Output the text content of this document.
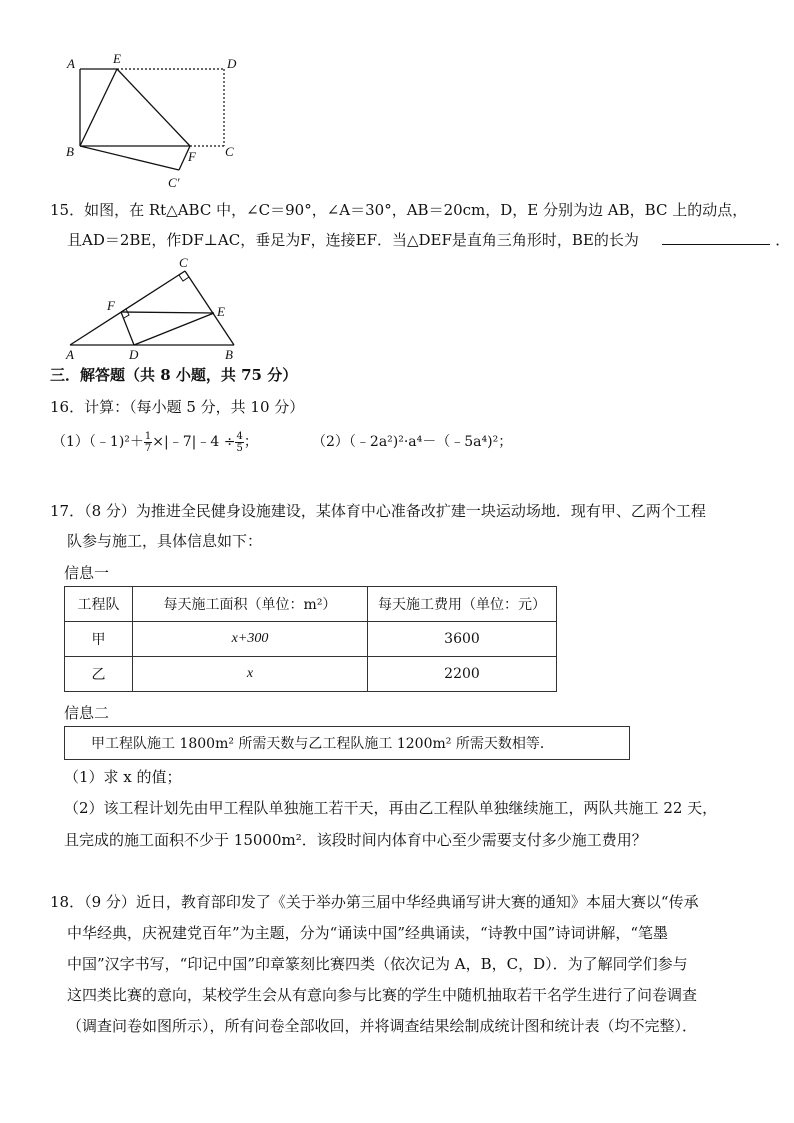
A	E	D
B	F C
C′
15．如图，在 Rt△ABC 中，∠C＝90°，∠A＝30°，AB＝20cm，D，E 分别为边 AB，BC 上的动点，
且AD＝2BE，作DF⊥AC，垂足为F，连接EF．当△DEF是直角三角形时，BE的长为	．
C
F	E
A	D	B
三．解答题（共 8 小题，共 75 分）
16．计算：（每小题 5 分，共 10 分）
（1）（﹣1)²＋ $\frac{1}{7}$ ×|﹣7|﹣4 ÷ $\frac{4}{5}$ ；	（2）（﹣2a²)²·a⁴－（﹣5a⁴)²；
17．（8 分）为推进全民健身设施建设，某体育中心准备改扩建一块运动场地．现有甲、乙两个工程
队参与施工，具体信息如下：
信息一
工程队	每天施工面积（单位：m²）	每天施工费用（单位：元）
甲	x+300	3600
乙	x	2200
信息二
甲工程队施工 1800m² 所需天数与乙工程队施工 1200m² 所需天数相等．
（1）求 x 的值；
（2）该工程计划先由甲工程队单独施工若干天，再由乙工程队单独继续施工，两队共施工 22 天，
且完成的施工面积不少于 15000m²．该段时间内体育中心至少需要支付多少施工费用？
18．（9 分）近日，教育部印发了《关于举办第三届中华经典诵写讲大赛的通知》本届大赛以“传承
中华经典，庆祝建党百年”为主题，分为“诵读中国”经典诵读，“诗教中国”诗词讲解，“笔墨
中国”汉字书写，“印记中国”印章篆刻比赛四类（依次记为 A，B，C，D）．为了解同学们参与
这四类比赛的意向，某校学生会从有意向参与比赛的学生中随机抽取若干名学生进行了问卷调查
（调查问卷如图所示），所有问卷全部收回，并将调查结果绘制成统计图和统计表（均不完整）．
